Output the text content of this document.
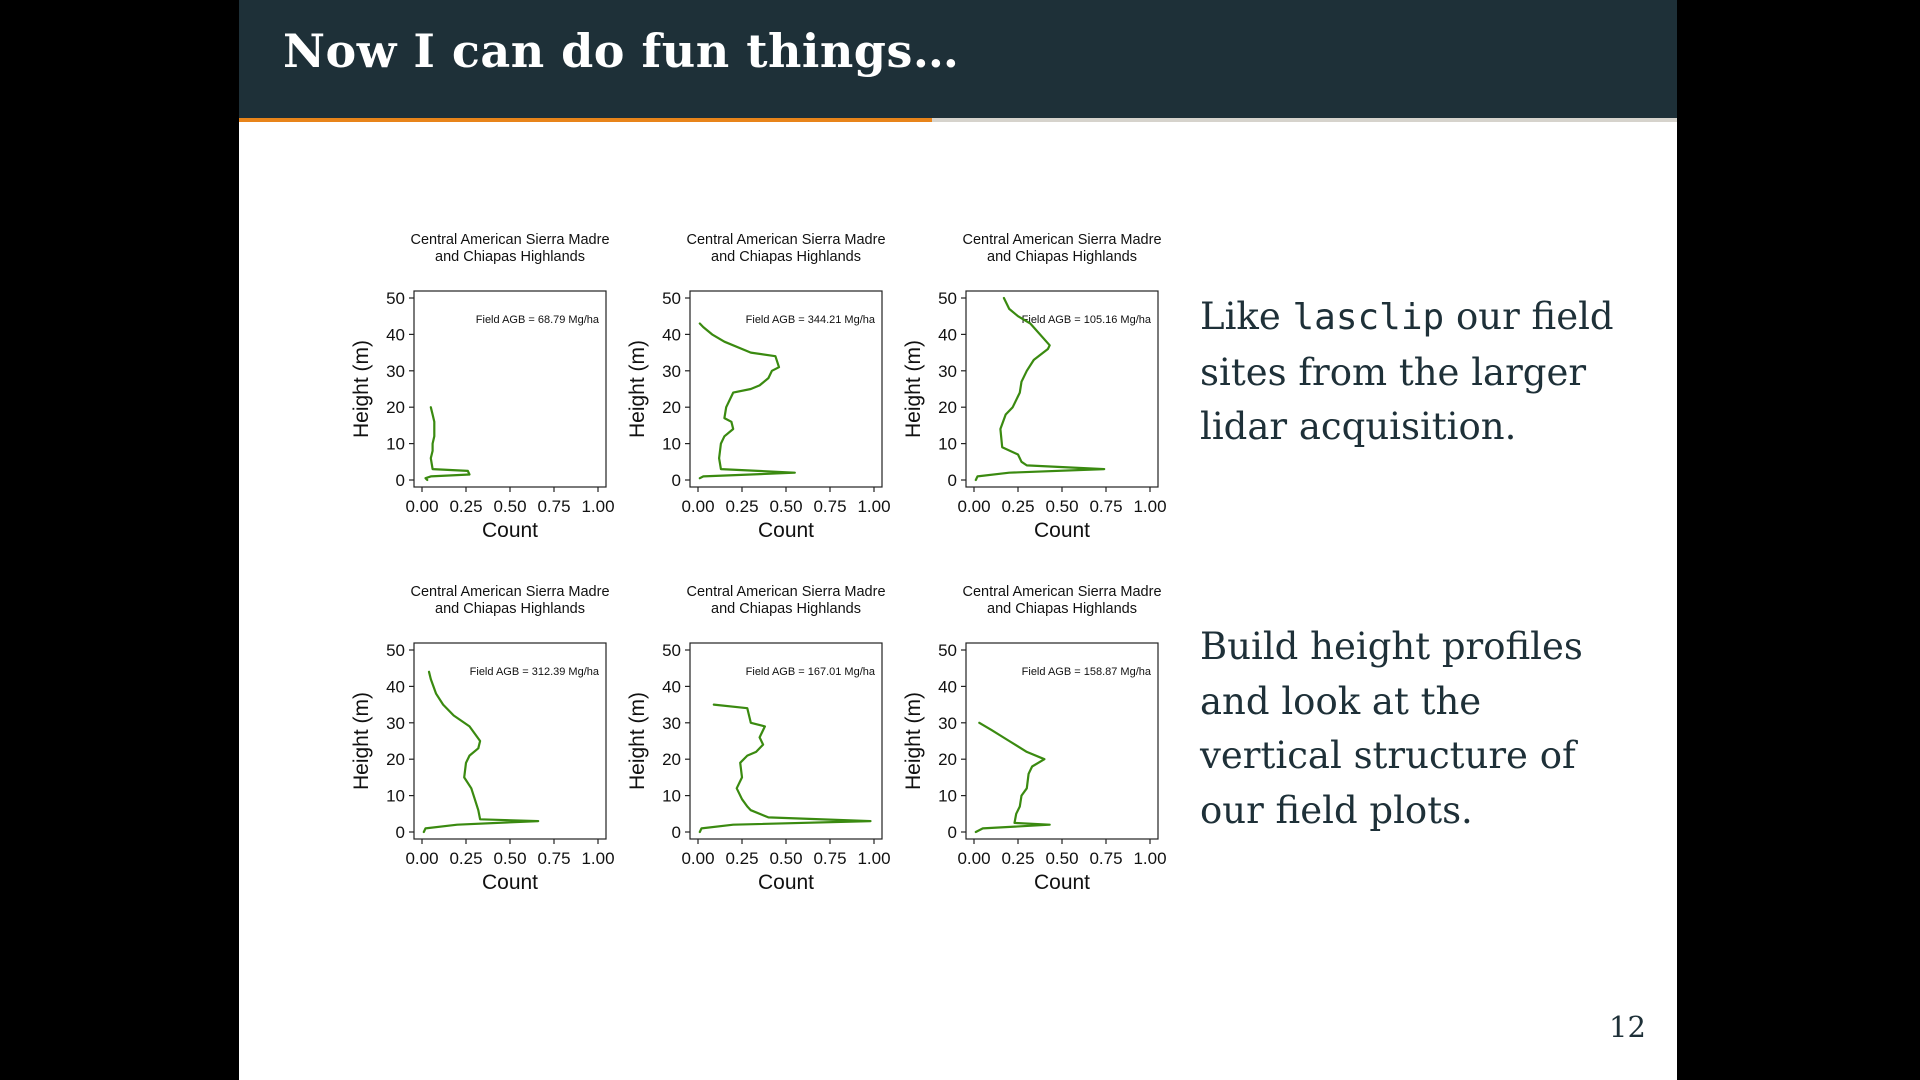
Now I can do fun things…
Central American Sierra Madre
and Chiapas Highlands
Field AGB = 68.79 Mg/ha
0
10
20
30
40
50
0.00 0.25 0.50 0.75 1.00
Count
Height (m)
Central American Sierra Madre
and Chiapas Highlands
Field AGB = 344.21 Mg/ha
0
10
20
30
40
50
0.00 0.25 0.50 0.75 1.00
Count
Height (m)
Central American Sierra Madre
and Chiapas Highlands
Field AGB = 105.16 Mg/ha
0
10
20
30
40
50
0.00 0.25 0.50 0.75 1.00
Count
Height (m)
Central American Sierra Madre
and Chiapas Highlands
Field AGB = 312.39 Mg/ha
0
10
20
30
40
50
0.00 0.25 0.50 0.75 1.00
Count
Height (m)
Central American Sierra Madre
and Chiapas Highlands
Field AGB = 167.01 Mg/ha
0
10
20
30
40
50
0.00 0.25 0.50 0.75 1.00
Count
Height (m)
Central American Sierra Madre
and Chiapas Highlands
Field AGB = 158.87 Mg/ha
0
10
20
30
40
50
0.00 0.25 0.50 0.75 1.00
Count
Height (m)
Like lasclip our field sites from the larger lidar acquisition.
Build height profiles and look at the vertical structure of our field plots.
12
